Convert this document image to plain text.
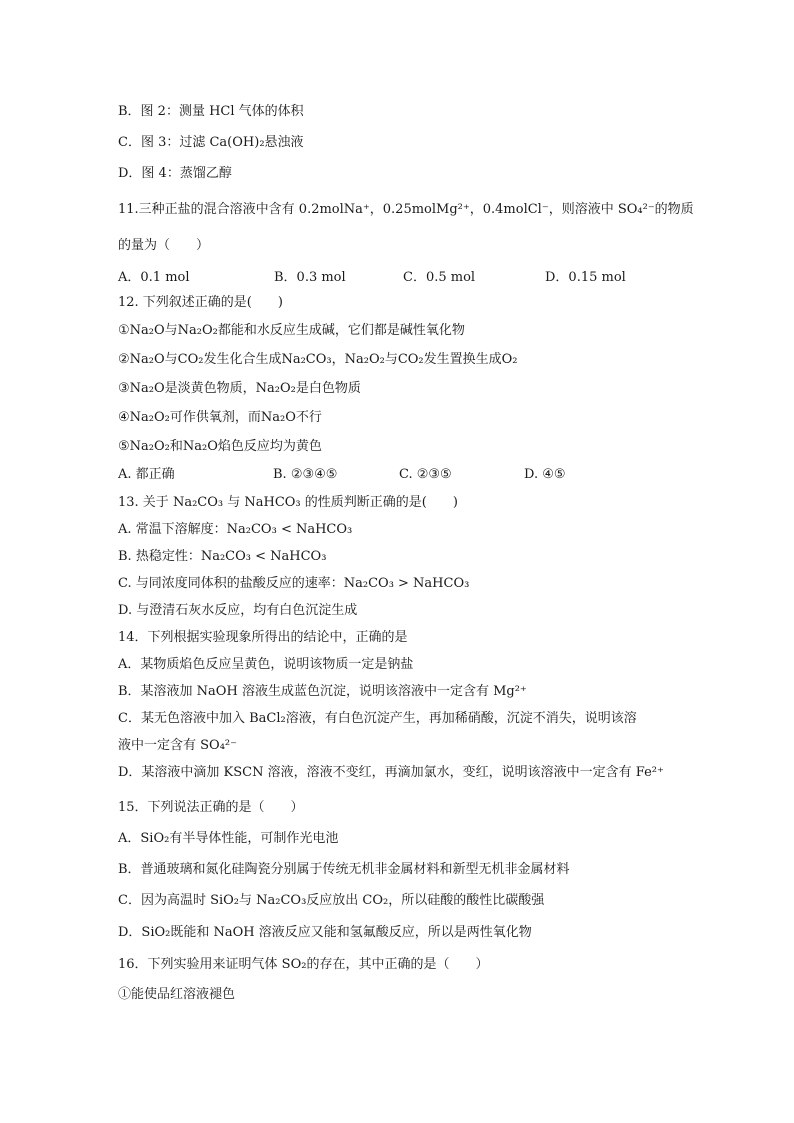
B．图 2：测量 HCl 气体的体积
C．图 3：过滤 Ca(OH)₂悬浊液
D．图 4：蒸馏乙醇
11.三种正盐的混合溶液中含有 0.2molNa⁺，0.25molMg²⁺，0.4molCl⁻，则溶液中 SO₄²⁻的物质
的量为（　　）
A．0.1 mol	B．0.3 mol	C．0.5 mol	D．0.15 mol
12. 下列叙述正确的是(　　)
①Na₂O与Na₂O₂都能和水反应生成碱，它们都是碱性氧化物
②Na₂O与CO₂发生化合生成Na₂CO₃，Na₂O₂与CO₂发生置换生成O₂
③Na₂O是淡黄色物质，Na₂O₂是白色物质
④Na₂O₂可作供氧剂，而Na₂O不行
⑤Na₂O₂和Na₂O焰色反应均为黄色
A. 都正确	B. ②③④⑤	C. ②③⑤	D. ④⑤
13. 关于 Na₂CO₃ 与 NaHCO₃ 的性质判断正确的是(　　)
A. 常温下溶解度：Na₂CO₃ < NaHCO₃
B. 热稳定性：Na₂CO₃ < NaHCO₃
C. 与同浓度同体积的盐酸反应的速率：Na₂CO₃ > NaHCO₃
D. 与澄清石灰水反应，均有白色沉淀生成
14．下列根据实验现象所得出的结论中，正确的是
A．某物质焰色反应呈黄色，说明该物质一定是钠盐
B．某溶液加 NaOH 溶液生成蓝色沉淀，说明该溶液中一定含有 Mg²⁺
C．某无色溶液中加入 BaCl₂溶液，有白色沉淀产生，再加稀硝酸，沉淀不消失，说明该溶
液中一定含有 SO₄²⁻
D．某溶液中滴加 KSCN 溶液，溶液不变红，再滴加氯水，变红，说明该溶液中一定含有 Fe²⁺
15．下列说法正确的是（　　）
A．SiO₂有半导体性能，可制作光电池
B．普通玻璃和氮化硅陶瓷分别属于传统无机非金属材料和新型无机非金属材料
C．因为高温时 SiO₂与 Na₂CO₃反应放出 CO₂，所以硅酸的酸性比碳酸强
D．SiO₂既能和 NaOH 溶液反应又能和氢氟酸反应，所以是两性氧化物
16．下列实验用来证明气体 SO₂的存在，其中正确的是（　　）
①能使品红溶液褪色
